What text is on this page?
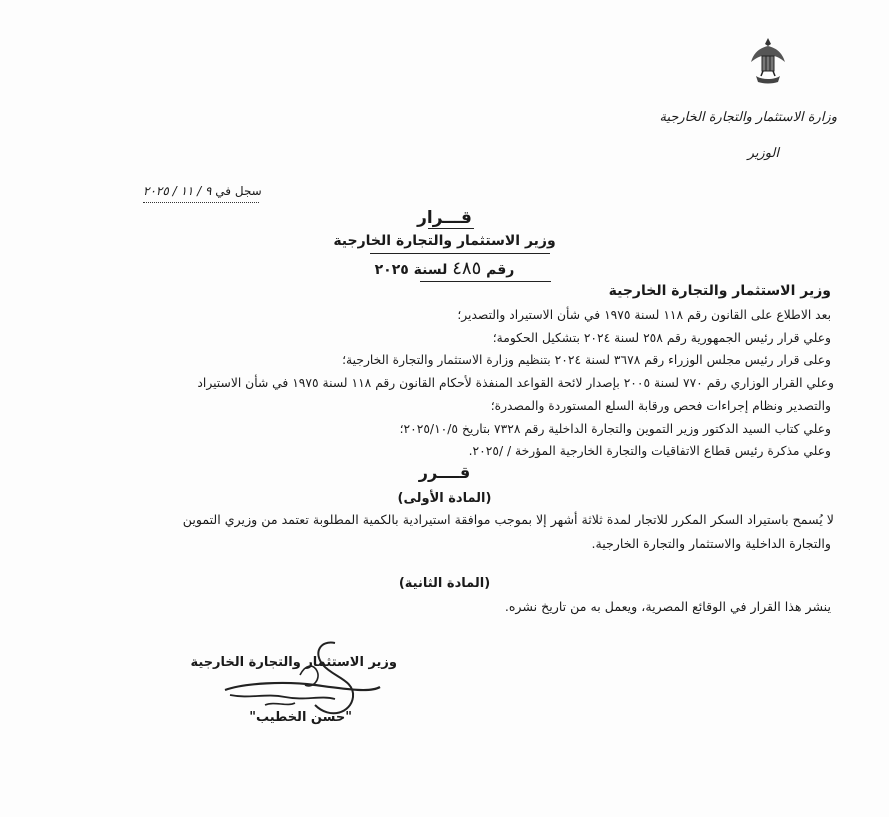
وزارة الاستثمار والتجارة الخارجية
الوزير
سجل في ٩ / ١١ / ٢٠٢٥
قـــرار
وزير الاستثمار والتجارة الخارجية
رقم ٤٨٥ لسنة ٢٠٢٥
وزير الاستثمار والتجارة الخارجية
بعد الاطلاع على القانون رقم ١١٨ لسنة ١٩٧٥ في شأن الاستيراد والتصدير؛
وعلي قرار رئيس الجمهورية رقم ٢٥٨ لسنة ٢٠٢٤ بتشكيل الحكومة؛
وعلى قرار رئيس مجلس الوزراء رقم ٣٦٧٨ لسنة ٢٠٢٤ بتنظيم وزارة الاستثمار والتجارة الخارجية؛
وعلي القرار الوزاري رقم ٧٧٠ لسنة ٢٠٠٥ بإصدار لائحة القواعد المنفذة لأحكام القانون رقم ١١٨ لسنة ١٩٧٥ في شأن الاستيراد
والتصدير ونظام إجراءات فحص ورقابة السلع المستوردة والمصدرة؛
وعلي كتاب السيد الدكتور وزير التموين والتجارة الداخلية رقم ٧٣٢٨ بتاريخ ٢٠٢٥/١٠/٥؛
وعلي مذكرة رئيس قطاع الاتفاقيات والتجارة الخارجية المؤرخة / /٢٠٢٥.
قــــرر
(المادة الأولى)
لا يُسمح باستيراد السكر المكرر للاتجار لمدة ثلاثة أشهر إلا بموجب موافقة استيرادية بالكمية المطلوبة تعتمد من وزيري التموين
والتجارة الداخلية والاستثمار والتجارة الخارجية.
(المادة الثانية)
ينشر هذا القرار في الوقائع المصرية، ويعمل به من تاريخ نشره.
وزير الاستثمار والتجارة الخارجية
"حسن الخطيب"
